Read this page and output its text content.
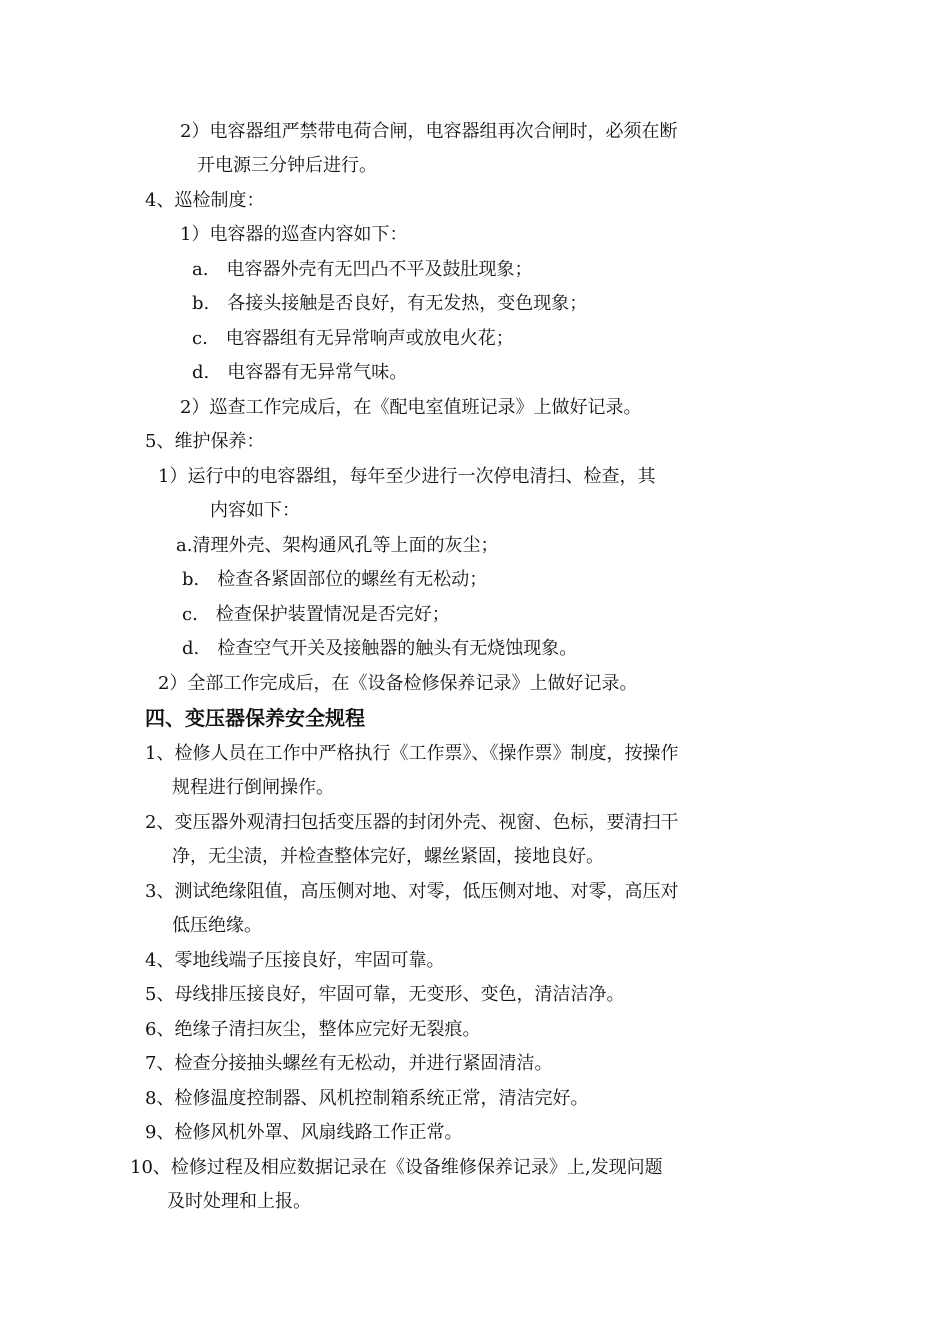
2）电容器组严禁带电荷合闸，电容器组再次合闸时，必须在断
开电源三分钟后进行。
4、巡检制度：
1）电容器的巡查内容如下：
a.　电容器外壳有无凹凸不平及鼓肚现象；
b.　各接头接触是否良好，有无发热，变色现象；
c.　电容器组有无异常响声或放电火花；
d.　电容器有无异常气味。
2）巡查工作完成后，在《配电室值班记录》上做好记录。
5、维护保养：
1）运行中的电容器组，每年至少进行一次停电清扫、检查，其
内容如下：
a.清理外壳、架构通风孔等上面的灰尘；
b.　检查各紧固部位的螺丝有无松动；
c.　检查保护装置情况是否完好；
d.　检查空气开关及接触器的触头有无烧蚀现象。
2）全部工作完成后，在《设备检修保养记录》上做好记录。
四、变压器保养安全规程
1、检修人员在工作中严格执行《工作票》、《操作票》制度，按操作
规程进行倒闸操作。
2、变压器外观清扫包括变压器的封闭外壳、视窗、色标，要清扫干
净，无尘渍，并检查整体完好，螺丝紧固，接地良好。
3、测试绝缘阻值，高压侧对地、对零，低压侧对地、对零，高压对
低压绝缘。
4、零地线端子压接良好，牢固可靠。
5、母线排压接良好，牢固可靠，无变形、变色，清洁洁净。
6、绝缘子清扫灰尘，整体应完好无裂痕。
7、检查分接抽头螺丝有无松动，并进行紧固清洁。
8、检修温度控制器、风机控制箱系统正常，清洁完好。
9、检修风机外罩、风扇线路工作正常。
10、检修过程及相应数据记录在《设备维修保养记录》上,发现问题
及时处理和上报。
